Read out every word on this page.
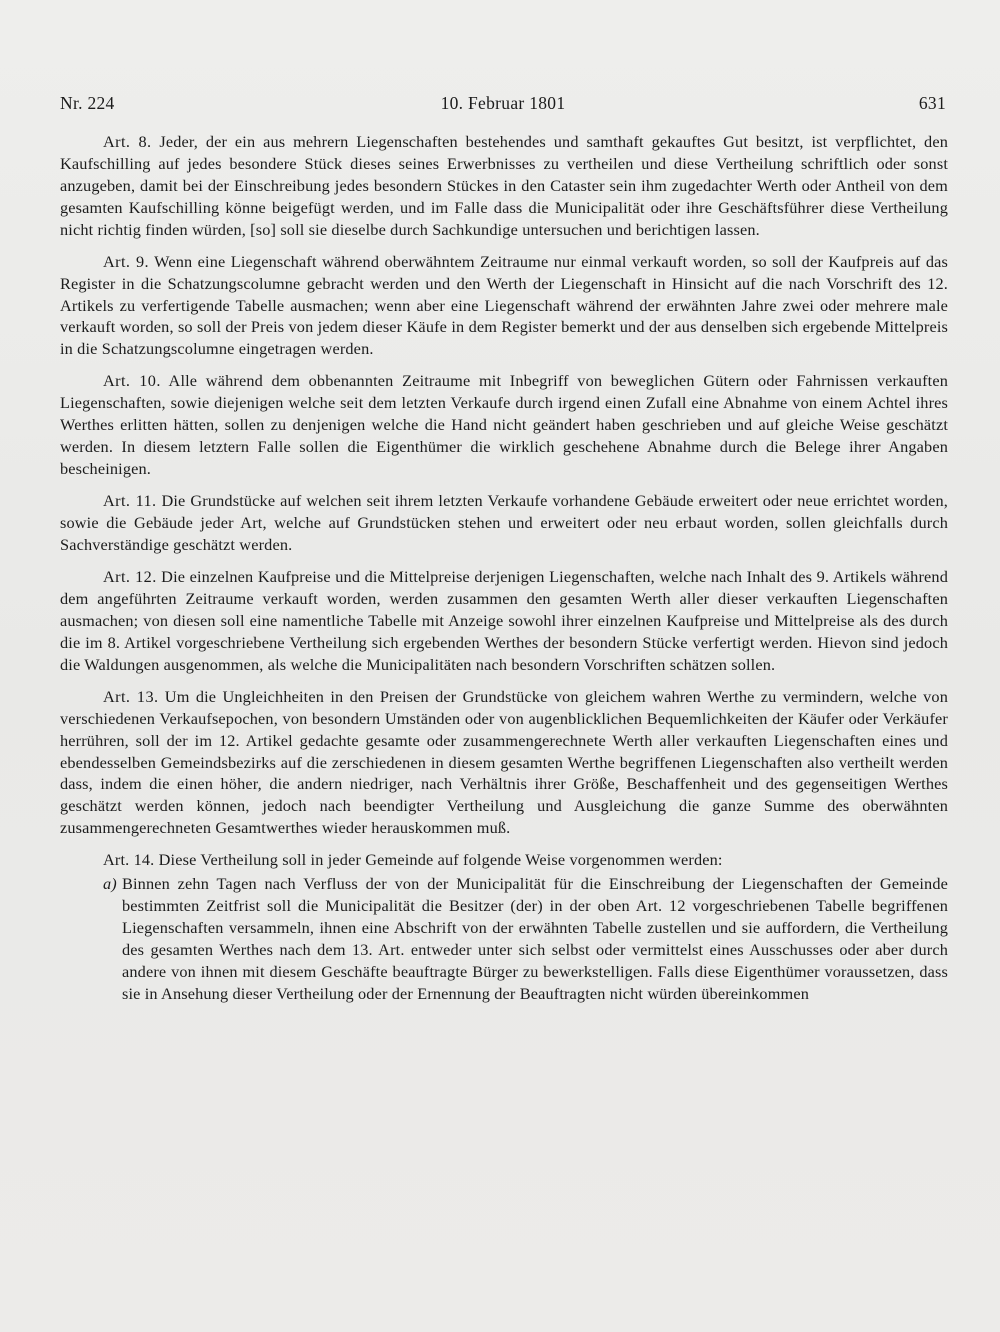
Nr. 224	10. Februar 1801	631

Art. 8. Jeder, der ein aus mehrern Liegenschaften bestehendes und samthaft gekauftes Gut besitzt, ist verpflichtet, den Kaufschilling auf jedes besondere Stück dieses seines Erwerbnisses zu vertheilen und diese Vertheilung schriftlich oder sonst anzugeben, damit bei der Einschreibung jedes besondern Stückes in den Cataster sein ihm zugedachter Werth oder Antheil von dem gesamten Kaufschilling könne beigefügt werden, und im Falle dass die Municipalität oder ihre Geschäftsführer diese Vertheilung nicht richtig finden würden, [so] soll sie dieselbe durch Sachkundige untersuchen und berichtigen lassen.

Art. 9. Wenn eine Liegenschaft während oberwähntem Zeitraume nur einmal verkauft worden, so soll der Kaufpreis auf das Register in die Schatzungscolumne gebracht werden und den Werth der Liegenschaft in Hinsicht auf die nach Vorschrift des 12. Artikels zu verfertigende Tabelle ausmachen; wenn aber eine Liegenschaft während der erwähnten Jahre zwei oder mehrere male verkauft worden, so soll der Preis von jedem dieser Käufe in dem Register bemerkt und der aus denselben sich ergebende Mittelpreis in die Schatzungscolumne eingetragen werden.

Art. 10. Alle während dem obbenannten Zeitraume mit Inbegriff von beweglichen Gütern oder Fahrnissen verkauften Liegenschaften, sowie diejenigen welche seit dem letzten Verkaufe durch irgend einen Zufall eine Abnahme von einem Achtel ihres Werthes erlitten hätten, sollen zu denjenigen welche die Hand nicht geändert haben geschrieben und auf gleiche Weise geschätzt werden. In diesem letztern Falle sollen die Eigenthümer die wirklich geschehene Abnahme durch die Belege ihrer Angaben bescheinigen.

Art. 11. Die Grundstücke auf welchen seit ihrem letzten Verkaufe vorhandene Gebäude erweitert oder neue errichtet worden, sowie die Gebäude jeder Art, welche auf Grundstücken stehen und erweitert oder neu erbaut worden, sollen gleichfalls durch Sachverständige geschätzt werden.

Art. 12. Die einzelnen Kaufpreise und die Mittelpreise derjenigen Liegenschaften, welche nach Inhalt des 9. Artikels während dem angeführten Zeitraume verkauft worden, werden zusammen den gesamten Werth aller dieser verkauften Liegenschaften ausmachen; von diesen soll eine namentliche Tabelle mit Anzeige sowohl ihrer einzelnen Kaufpreise und Mittelpreise als des durch die im 8. Artikel vorgeschriebene Vertheilung sich ergebenden Werthes der besondern Stücke verfertigt werden. Hievon sind jedoch die Waldungen ausgenommen, als welche die Municipalitäten nach besondern Vorschriften schätzen sollen.

Art. 13. Um die Ungleichheiten in den Preisen der Grundstücke von gleichem wahren Werthe zu vermindern, welche von verschiedenen Verkaufsepochen, von besondern Umständen oder von augenblicklichen Bequemlichkeiten der Käufer oder Verkäufer herrühren, soll der im 12. Artikel gedachte gesamte oder zusammengerechnete Werth aller verkauften Liegenschaften eines und ebendesselben Gemeindsbezirks auf die zerschiedenen in diesem gesamten Werthe begriffenen Liegenschaften also vertheilt werden dass, indem die einen höher, die andern niedriger, nach Verhältnis ihrer Größe, Beschaffenheit und des gegenseitigen Werthes geschätzt werden können, jedoch nach beendigter Vertheilung und Ausgleichung die ganze Summe des oberwähnten zusammengerechneten Gesamtwerthes wieder herauskommen muß.

Art. 14. Diese Vertheilung soll in jeder Gemeinde auf folgende Weise vorgenommen werden:

a) Binnen zehn Tagen nach Verfluss der von der Municipalität für die Einschreibung der Liegenschaften der Gemeinde bestimmten Zeitfrist soll die Municipalität die Besitzer (der) in der oben Art. 12 vorgeschriebenen Tabelle begriffenen Liegenschaften versammeln, ihnen eine Abschrift von der erwähnten Tabelle zustellen und sie auffordern, die Vertheilung des gesamten Werthes nach dem 13. Art. entweder unter sich selbst oder vermittelst eines Ausschusses oder aber durch andere von ihnen mit diesem Geschäfte beauftragte Bürger zu bewerkstelligen. Falls diese Eigenthümer voraussetzen, dass sie in Ansehung dieser Vertheilung oder der Ernennung der Beauftragten nicht würden übereinkommen
